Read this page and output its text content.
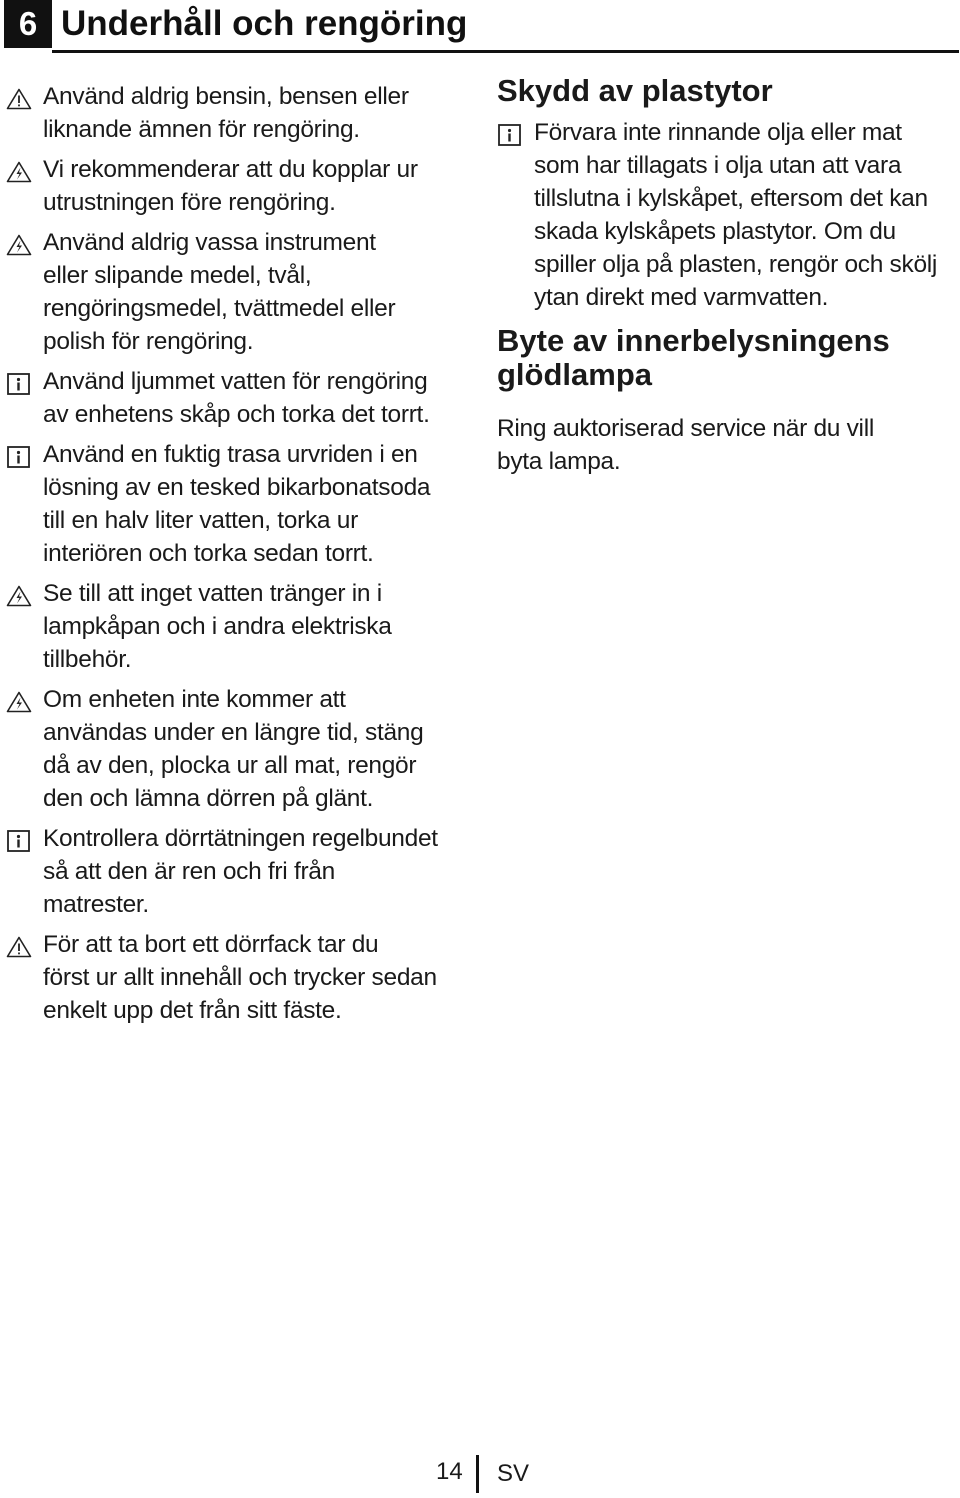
6 Underhåll och rengöring
Använd aldrig bensin, bensen eller
liknande ämnen för rengöring.
Vi rekommenderar att du kopplar ur
utrustningen före rengöring.
Använd aldrig vassa instrument
eller slipande medel, tvål,
rengöringsmedel, tvättmedel eller
polish för rengöring.
Använd ljummet vatten för rengöring
av enhetens skåp och torka det torrt.
Använd en fuktig trasa urvriden i en
lösning av en tesked bikarbonatsoda
till en halv liter vatten, torka ur
interiören och torka sedan torrt.
Se till att inget vatten tränger in i
lampkåpan och i andra elektriska
tillbehör.
Om enheten inte kommer att
användas under en längre tid, stäng
då av den, plocka ur all mat, rengör
den och lämna dörren på glänt.
Kontrollera dörrtätningen regelbundet
så att den är ren och fri från
matrester.
För att ta bort ett dörrfack tar du
först ur allt innehåll och trycker sedan
enkelt upp det från sitt fäste.
Skydd av plastytor
Förvara inte rinnande olja eller mat
som har tillagats i olja utan att vara
tillslutna i kylskåpet, eftersom det kan
skada kylskåpets plastytor. Om du
spiller olja på plasten, rengör och skölj
ytan direkt med varmvatten.
Byte av innerbelysningens
glödlampa
Ring auktoriserad service när du vill
byta lampa.
14 SV
